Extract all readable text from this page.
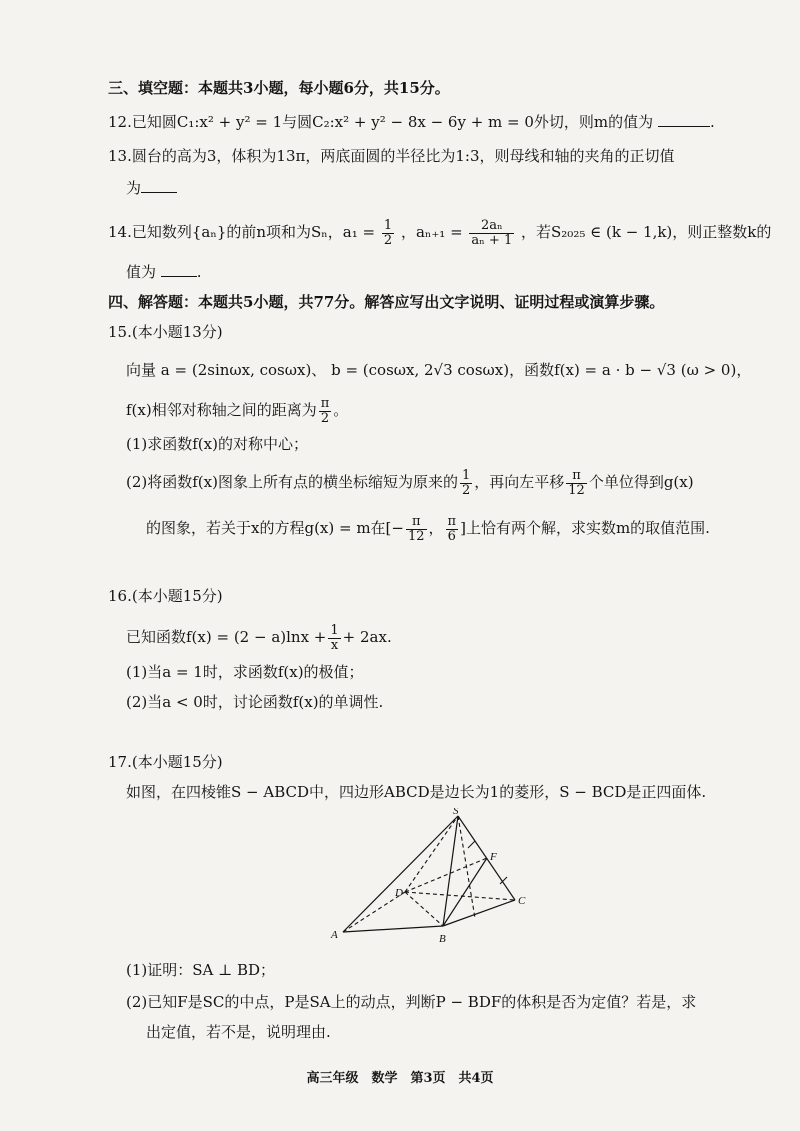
三、填空题：本题共3小题，每小题6分，共15分。
12.已知圆C₁:x² + y² = 1与圆C₂:x² + y² − 8x − 6y + m = 0外切，则m的值为	.
13.圆台的高为3，体积为13π，两底面圆的半径比为1:3，则母线和轴的夹角的正切值
为
14.已知数列{aₙ}的前n项和为Sₙ，$a_1 = \frac{1}{2}$ ，$a_{n+1} = \frac{\text{2aₙ}}{\text{aₙ + 1}}$ ，若S₂₀₂₅ ∈ (k − 1,k)，则正整数k的
值为	.
四、解答题：本题共5小题，共77分。解答应写出文字说明、证明过程或演算步骤。
15.(本小题13分)
向量 a = (2sinωx, cosωx)、 b = (cosωx, 2√3 cosωx)，函数f(x) = a · b − √3 (ω > 0)，
f(x)相邻对称轴之间的距离为 $\frac{\pi}{2}$ 。
(1)求函数f(x)的对称中心；
(2)将函数f(x)图象上所有点的横坐标缩短为原来的 $\frac{1}{2}$ ，再向左平移 $\frac{\pi}{12}$ 个单位得到g(x)
的图象，若关于x的方程g(x) = m在[− $\frac{\pi}{12}$ ， $\frac{\pi}{6}$ ]上恰有两个解，求实数m的取值范围.
16.(本小题15分)
已知函数$f(x) = (2 - a)\ln x + \frac{1}{x} + 2ax$.
(1)当a = 1时，求函数f(x)的极值；
(2)当a < 0时，讨论函数f(x)的单调性.
17.(本小题15分)
如图，在四棱锥S − ABCD中，四边形ABCD是边长为1的菱形，S − BCD是正四面体.
S
F
D
C
A	B
(1)证明：SA ⊥ BD；
(2)已知F是SC的中点，P是SA上的动点，判断P − BDF的体积是否为定值？若是，求
出定值，若不是，说明理由.
高三年级　数学　第3页　共4页
